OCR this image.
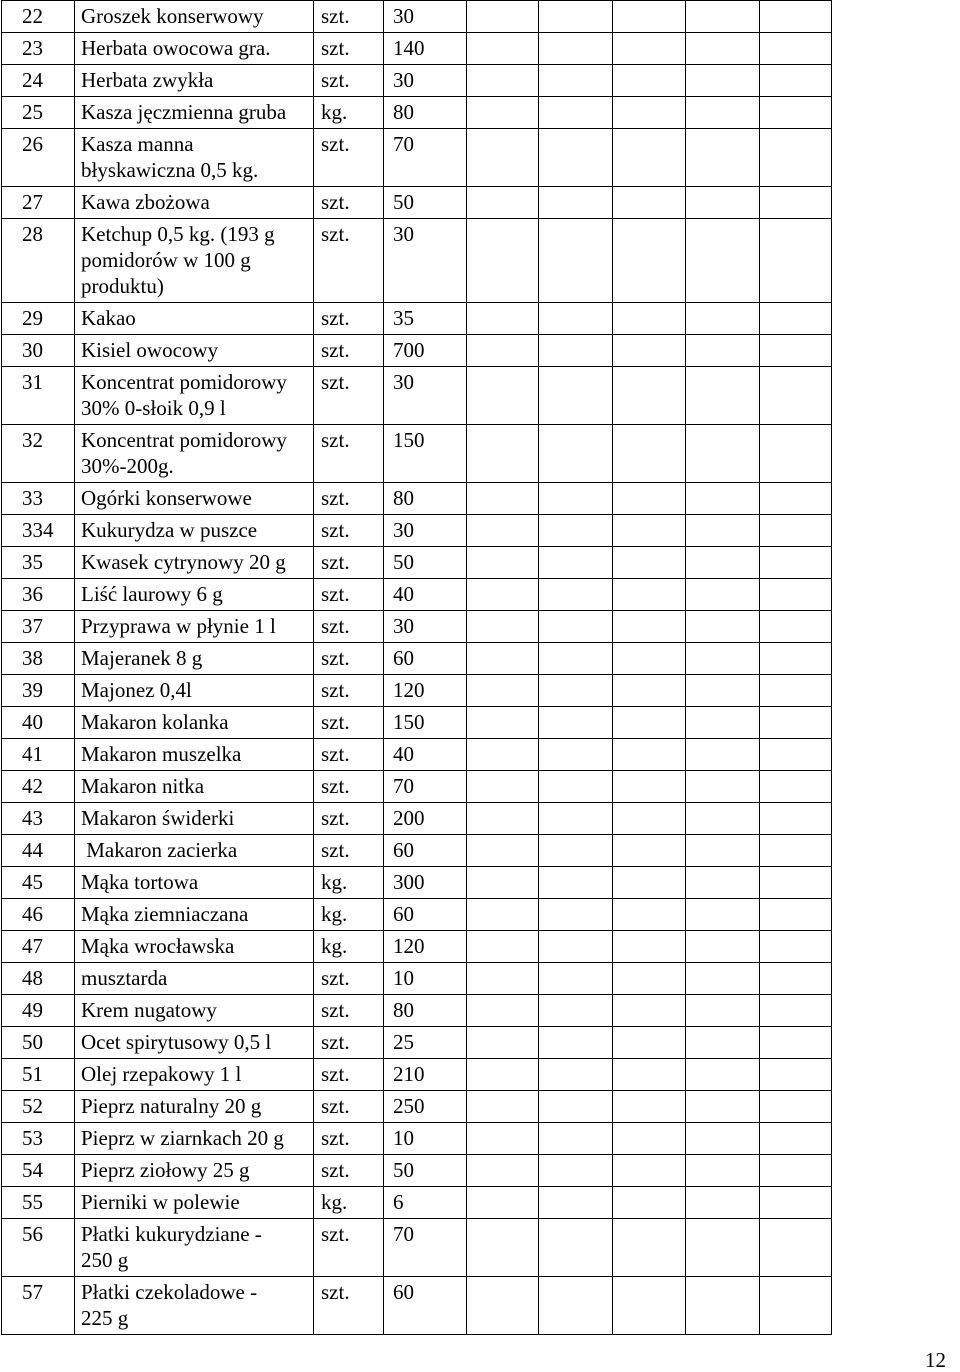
22	Groszek konserwowy	szt.	30					
23	Herbata owocowa gra.	szt.	140					
24	Herbata zwykła	szt.	30					
25	Kasza jęczmienna gruba	kg.	80					
26	Kasza manna
błyskawiczna 0,5 kg.	szt.	70					
27	Kawa zbożowa	szt.	50					
28	Ketchup 0,5 kg. (193 g
pomidorów w 100 g
produktu)	szt.	30					
29	Kakao	szt.	35					
30	Kisiel owocowy	szt.	700					
31	Koncentrat pomidorowy
30% 0-słoik 0,9 l	szt.	30					
32	Koncentrat pomidorowy
30%-200g.	szt.	150					
33	Ogórki konserwowe	szt.	80					
334	Kukurydza w puszce	szt.	30					
35	Kwasek cytrynowy 20 g	szt.	50					
36	Liść laurowy 6 g	szt.	40					
37	Przyprawa w płynie 1 l	szt.	30					
38	Majeranek 8 g	szt.	60					
39	Majonez 0,4l	szt.	120					
40	Makaron kolanka	szt.	150					
41	Makaron muszelka	szt.	40					
42	Makaron nitka	szt.	70					
43	Makaron świderki	szt.	200					
44	Makaron zacierka	szt.	60					
45	Mąka tortowa	kg.	300					
46	Mąka ziemniaczana	kg.	60					
47	Mąka wrocławska	kg.	120					
48	musztarda	szt.	10					
49	Krem nugatowy	szt.	80					
50	Ocet spirytusowy 0,5 l	szt.	25					
51	Olej rzepakowy 1 l	szt.	210					
52	Pieprz naturalny 20 g	szt.	250					
53	Pieprz w ziarnkach 20 g	szt.	10					
54	Pieprz ziołowy 25 g	szt.	50					
55	Pierniki w polewie	kg.	6					
56	Płatki kukurydziane -
250 g	szt.	70					
57	Płatki czekoladowe -
225 g	szt.	60					
12
